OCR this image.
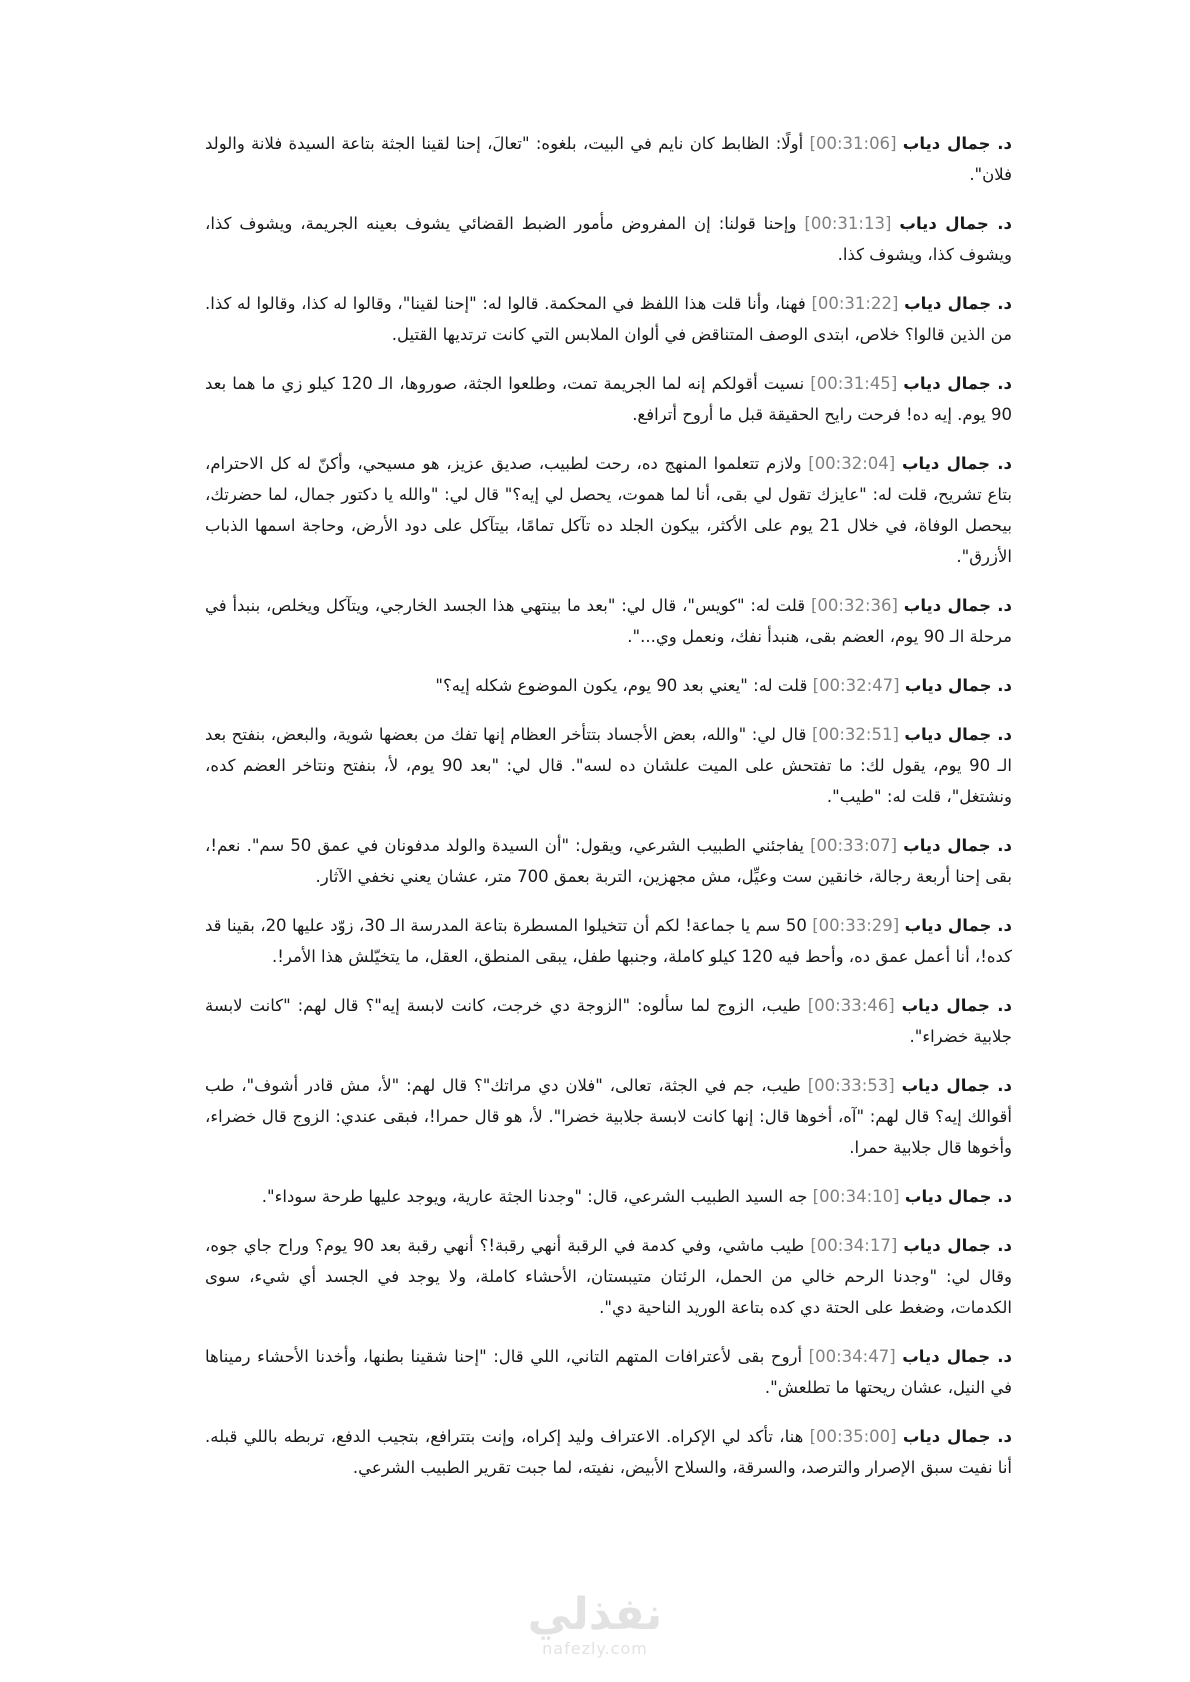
د. جمال دياب [00:31:06] أولًا: الظابط كان نايم في البيت، بلغوه: "تعالَ، إحنا لقينا الجثة بتاعة السيدة فلانة والولد فلان".

د. جمال دياب [00:31:13] وإحنا قولنا: إن المفروض مأمور الضبط القضائي يشوف بعينه الجريمة، ويشوف كذا، ويشوف كذا، ويشوف كذا.

د. جمال دياب [00:31:22] فهنا، وأنا قلت هذا اللفظ في المحكمة. قالوا له: "إحنا لقينا"، وقالوا له كذا، وقالوا له كذا. من الذين قالوا؟ خلاص، ابتدى الوصف المتناقض في ألوان الملابس التي كانت ترتديها القتيل.

د. جمال دياب [00:31:45] نسيت أقولكم إنه لما الجريمة تمت، وطلعوا الجثة، صوروها، الـ 120 كيلو زي ما هما بعد 90 يوم. إيه ده! فرحت رايح الحقيقة قبل ما أروح أترافع.

د. جمال دياب [00:32:04] ولازم تتعلموا المنهج ده، رحت لطبيب، صديق عزيز، هو مسيحي، وأكنّ له كل الاحترام، بتاع تشريح، قلت له: "عايزك تقول لي بقى، أنا لما هموت، يحصل لي إيه؟" قال لي: "والله يا دكتور جمال، لما حضرتك، بيحصل الوفاة، في خلال 21 يوم على الأكثر، بيكون الجلد ده تآكل تمامًا، بيتآكل على دود الأرض، وحاجة اسمها الذباب الأزرق".

د. جمال دياب [00:32:36] قلت له: "كويس"، قال لي: "بعد ما بينتهي هذا الجسد الخارجي، ويتآكل ويخلص، بنبدأ في مرحلة الـ 90 يوم، العضم بقى، هنبدأ نفك، ونعمل وي...".

د. جمال دياب [00:32:47] قلت له: "يعني بعد 90 يوم، يكون الموضوع شكله إيه؟"

د. جمال دياب [00:32:51] قال لي: "والله، بعض الأجساد بتتأخر العظام إنها تفك من بعضها شوية، والبعض، بنفتح بعد الـ 90 يوم، يقول لك: ما تفتحش على الميت علشان ده لسه". قال لي: "بعد 90 يوم، لأ، بنفتح ونتاخر العضم كده، ونشتغل"، قلت له: "طيب".

د. جمال دياب [00:33:07] يفاجئني الطبيب الشرعي، ويقول: "أن السيدة والولد مدفونان في عمق 50 سم". نعم!، بقى إحنا أربعة رجالة، خانقين ست وعيِّل، مش مجهزين، التربة بعمق 700 متر، عشان يعني نخفي الآثار.

د. جمال دياب [00:33:29] 50 سم يا جماعة! لكم أن تتخيلوا المسطرة بتاعة المدرسة الـ 30، زوّد عليها 20، بقينا قد كده!، أنا أعمل عمق ده، وأحط فيه 120 كيلو كاملة، وجنبها طفل، يبقى المنطق، العقل، ما يتخيّلش هذا الأمر!.

د. جمال دياب [00:33:46] طيب، الزوج لما سألوه: "الزوجة دي خرجت، كانت لابسة إيه"؟ قال لهم: "كانت لابسة جلابية خضراء".

د. جمال دياب [00:33:53] طيب، جم في الجثة، تعالى، "فلان دي مراتك"؟ قال لهم: "لأ، مش قادر أشوف"، طب أقوالك إيه؟ قال لهم: "آه، أخوها قال: إنها كانت لابسة جلابية خضرا". لأ، هو قال حمرا!، فبقى عندي: الزوج قال خضراء، وأخوها قال جلابية حمرا.

د. جمال دياب [00:34:10] جه السيد الطبيب الشرعي، قال: "وجدنا الجثة عارية، ويوجد عليها طرحة سوداء".

د. جمال دياب [00:34:17] طيب ماشي، وفي كدمة في الرقبة أنهي رقبة!؟ أنهي رقبة بعد 90 يوم؟ وراح جاي جوه، وقال لي: "وجدنا الرحم خالي من الحمل، الرئتان متيبستان، الأحشاء كاملة، ولا يوجد في الجسد أي شيء، سوى الكدمات، وضغط على الحتة دي كده بتاعة الوريد الناحية دي".

د. جمال دياب [00:34:47] أروح بقى لأعترافات المتهم التاني، اللي قال: "إحنا شقينا بطنها، وأخدنا الأحشاء رميناها في النيل، عشان ريحتها ما تطلعش".

د. جمال دياب [00:35:00] هنا، تأكد لي الإكراه. الاعتراف وليد إكراه، وإنت بتترافع، بتجيب الدفع، تربطه باللي قبله. أنا نفيت سبق الإصرار والترصد، والسرقة، والسلاح الأبيض، نفيته، لما جبت تقرير الطبيب الشرعي.

نفذلي
nafezly.com
